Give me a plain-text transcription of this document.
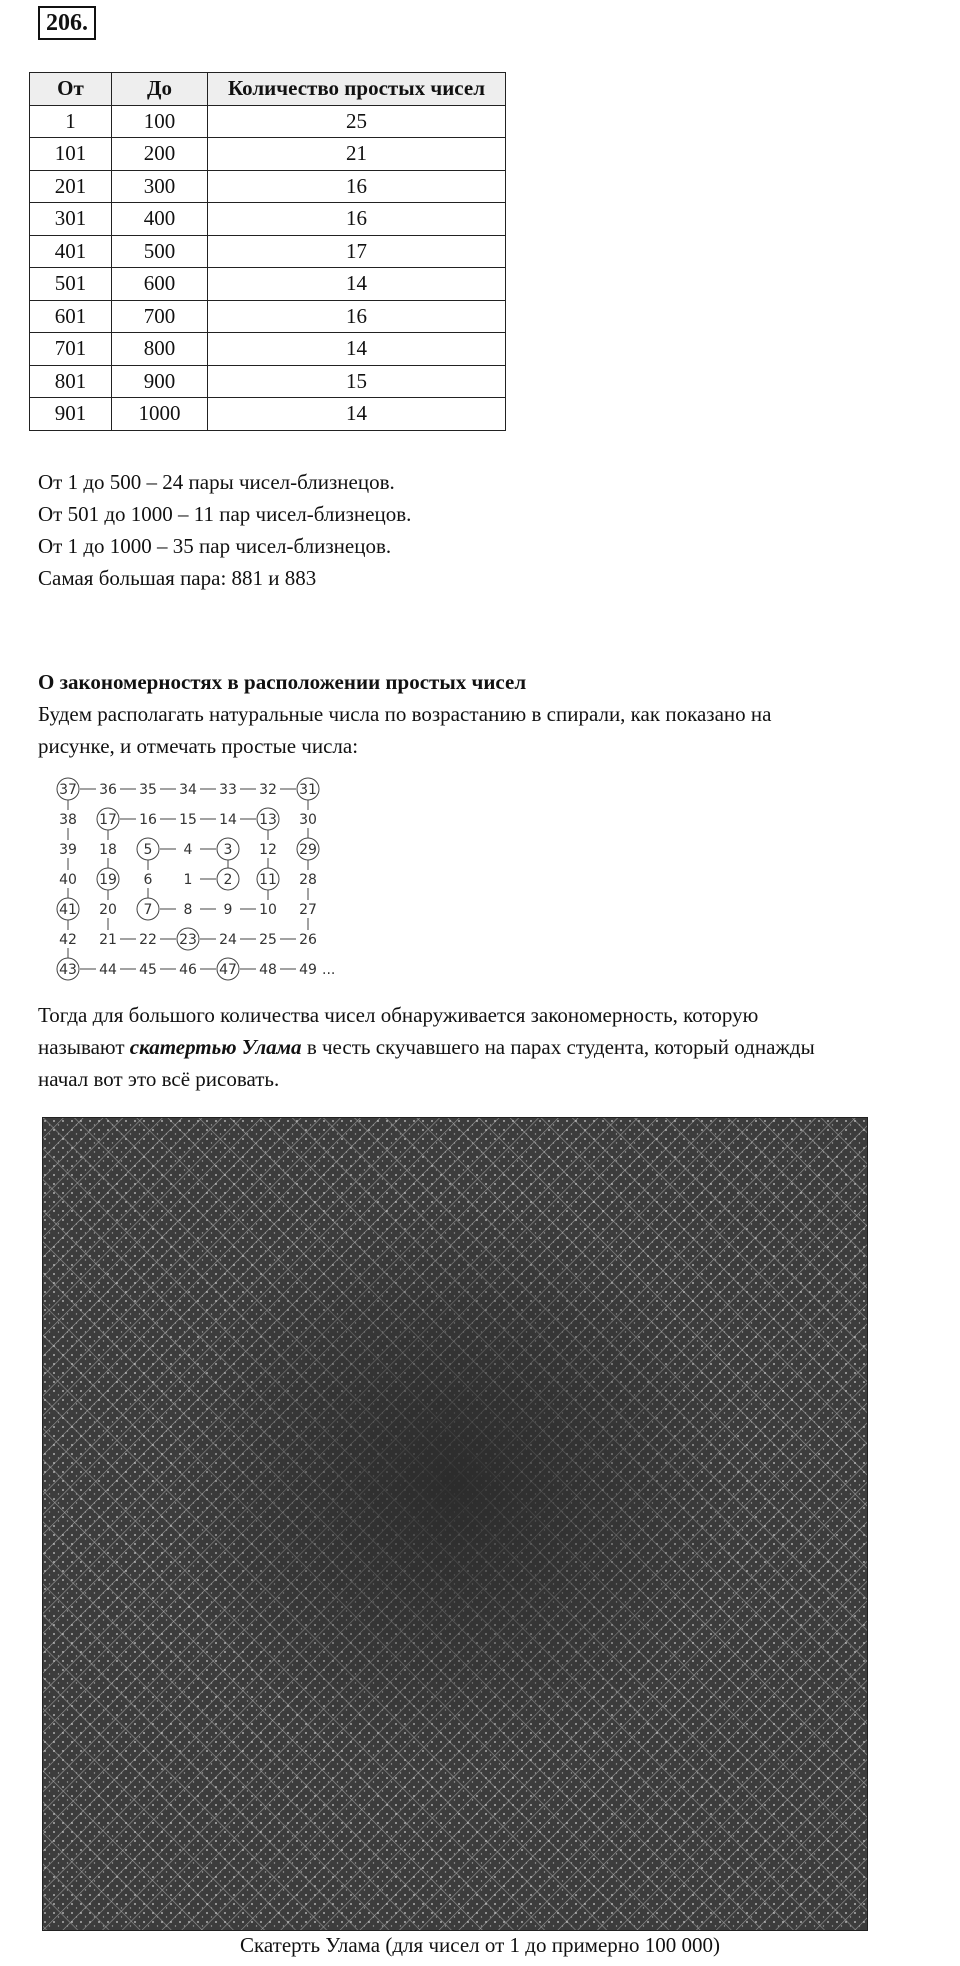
206.
От	До	Количество простых чисел
1	100	25
101	200	21
201	300	16
301	400	16
401	500	17
501	600	14
601	700	16
701	800	14
801	900	15
901	1000	14
От 1 до 500 – 24 пары чисел-близнецов.
От 501 до 1000 – 11 пар чисел-близнецов.
От 1 до 1000 – 35 пар чисел-близнецов.
Самая большая пара: 881 и 883
О закономерностях в расположении простых чисел
Будем располагать натуральные числа по возрастанию в спирали, как показано на
рисунке, и отмечать простые числа:
37 36 35 34 33 32 31
38 17 16 15 14 13 30
39 18 5 4 3 12 29
40 19 6 1 2 11 28
41 20 7 8 9 10 27
42 21 22 23 24 25 26
43 44 45 46 47 48 49 ...
Тогда для большого количества чисел обнаруживается закономерность, которую
называют скатертью Улама в честь скучавшего на парах студента, который однажды
начал вот это всё рисовать.
Скатерть Улама (для чисел от 1 до примерно 100 000)
